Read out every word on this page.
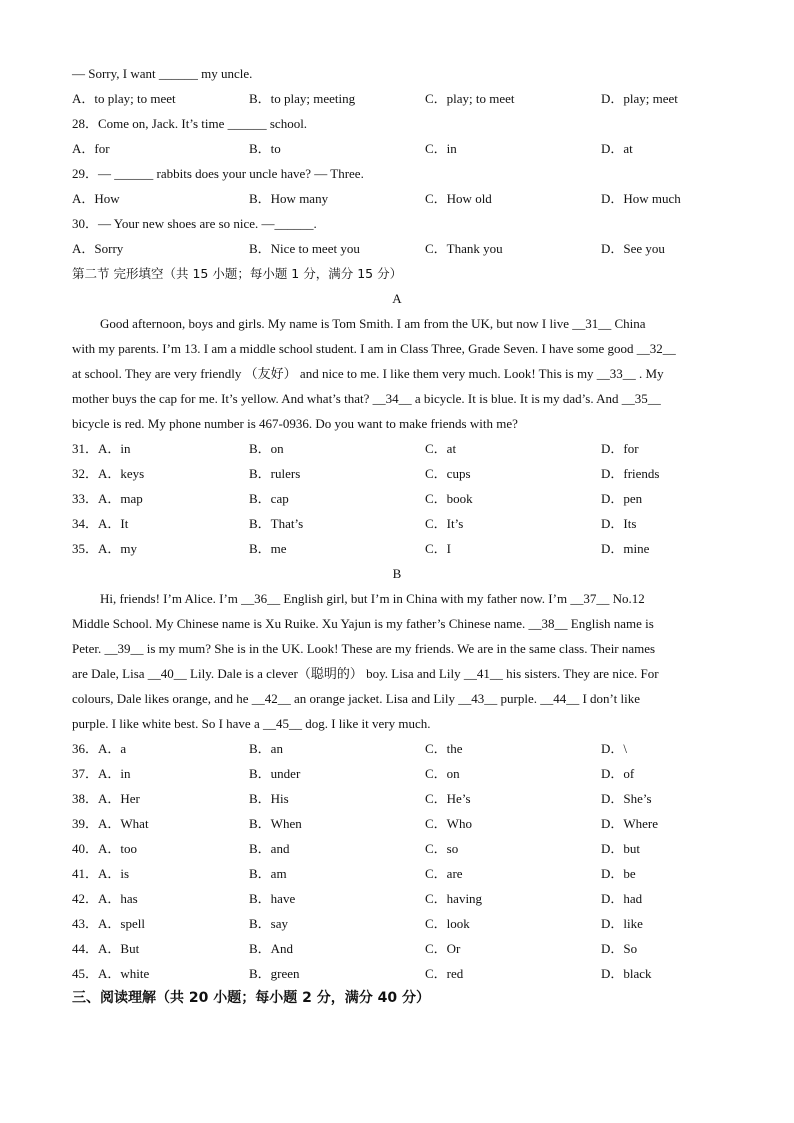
— Sorry, I want ______ my uncle.
A．to play; to meet	B．to play; meeting	C．play; to meet	D．play; meet
28．Come on, Jack. It’s time ______ school.
A．for	B．to	C．in	D．at
29．— ______ rabbits does your uncle have? — Three.
A．How	B．How many	C．How old	D．How much
30．— Your new shoes are so nice. —______.
A．Sorry	B．Nice to meet you	C．Thank you	D．See you
第二节 完形填空（共 15 小题；每小题 1 分，满分 15 分）
A
Good afternoon, boys and girls. My name is Tom Smith. I am from the UK, but now I live __31__ China
with my parents. I’m 13. I am a middle school student. I am in Class Three, Grade Seven. I have some good __32__
at school. They are very friendly （友好） and nice to me. I like them very much. Look! This is my __33__ . My
mother buys the cap for me. It’s yellow. And what’s that? __34__ a bicycle. It is blue. It is my dad’s. And __35__
bicycle is red. My phone number is 467-0936. Do you want to make friends with me?
31．A．in	B．on	C．at	D．for
32．A．keys	B．rulers	C．cups	D．friends
33．A．map	B．cap	C．book	D．pen
34．A．It	B．That’s	C．It’s	D．Its
35．A．my	B．me	C．I	D．mine
B
Hi, friends! I’m Alice. I’m __36__ English girl, but I’m in China with my father now. I’m __37__ No.12
Middle School. My Chinese name is Xu Ruike. Xu Yajun is my father’s Chinese name. __38__ English name is
Peter. __39__ is my mum? She is in the UK. Look! These are my friends. We are in the same class. Their names
are Dale, Lisa __40__ Lily. Dale is a clever（聪明的） boy. Lisa and Lily __41__ his sisters. They are nice. For
colours, Dale likes orange, and he __42__ an orange jacket. Lisa and Lily __43__ purple. __44__ I don’t like
purple. I like white best. So I have a __45__ dog. I like it very much.
36．A．a	B．an	C．the	D．\
37．A．in	B．under	C．on	D．of
38．A．Her	B．His	C．He’s	D．She’s
39．A．What	B．When	C．Who	D．Where
40．A．too	B．and	C．so	D．but
41．A．is	B．am	C．are	D．be
42．A．has	B．have	C．having	D．had
43．A．spell	B．say	C．look	D．like
44．A．But	B．And	C．Or	D．So
45．A．white	B．green	C．red	D．black
三、阅读理解（共 20 小题；每小题 2 分，满分 40 分）
